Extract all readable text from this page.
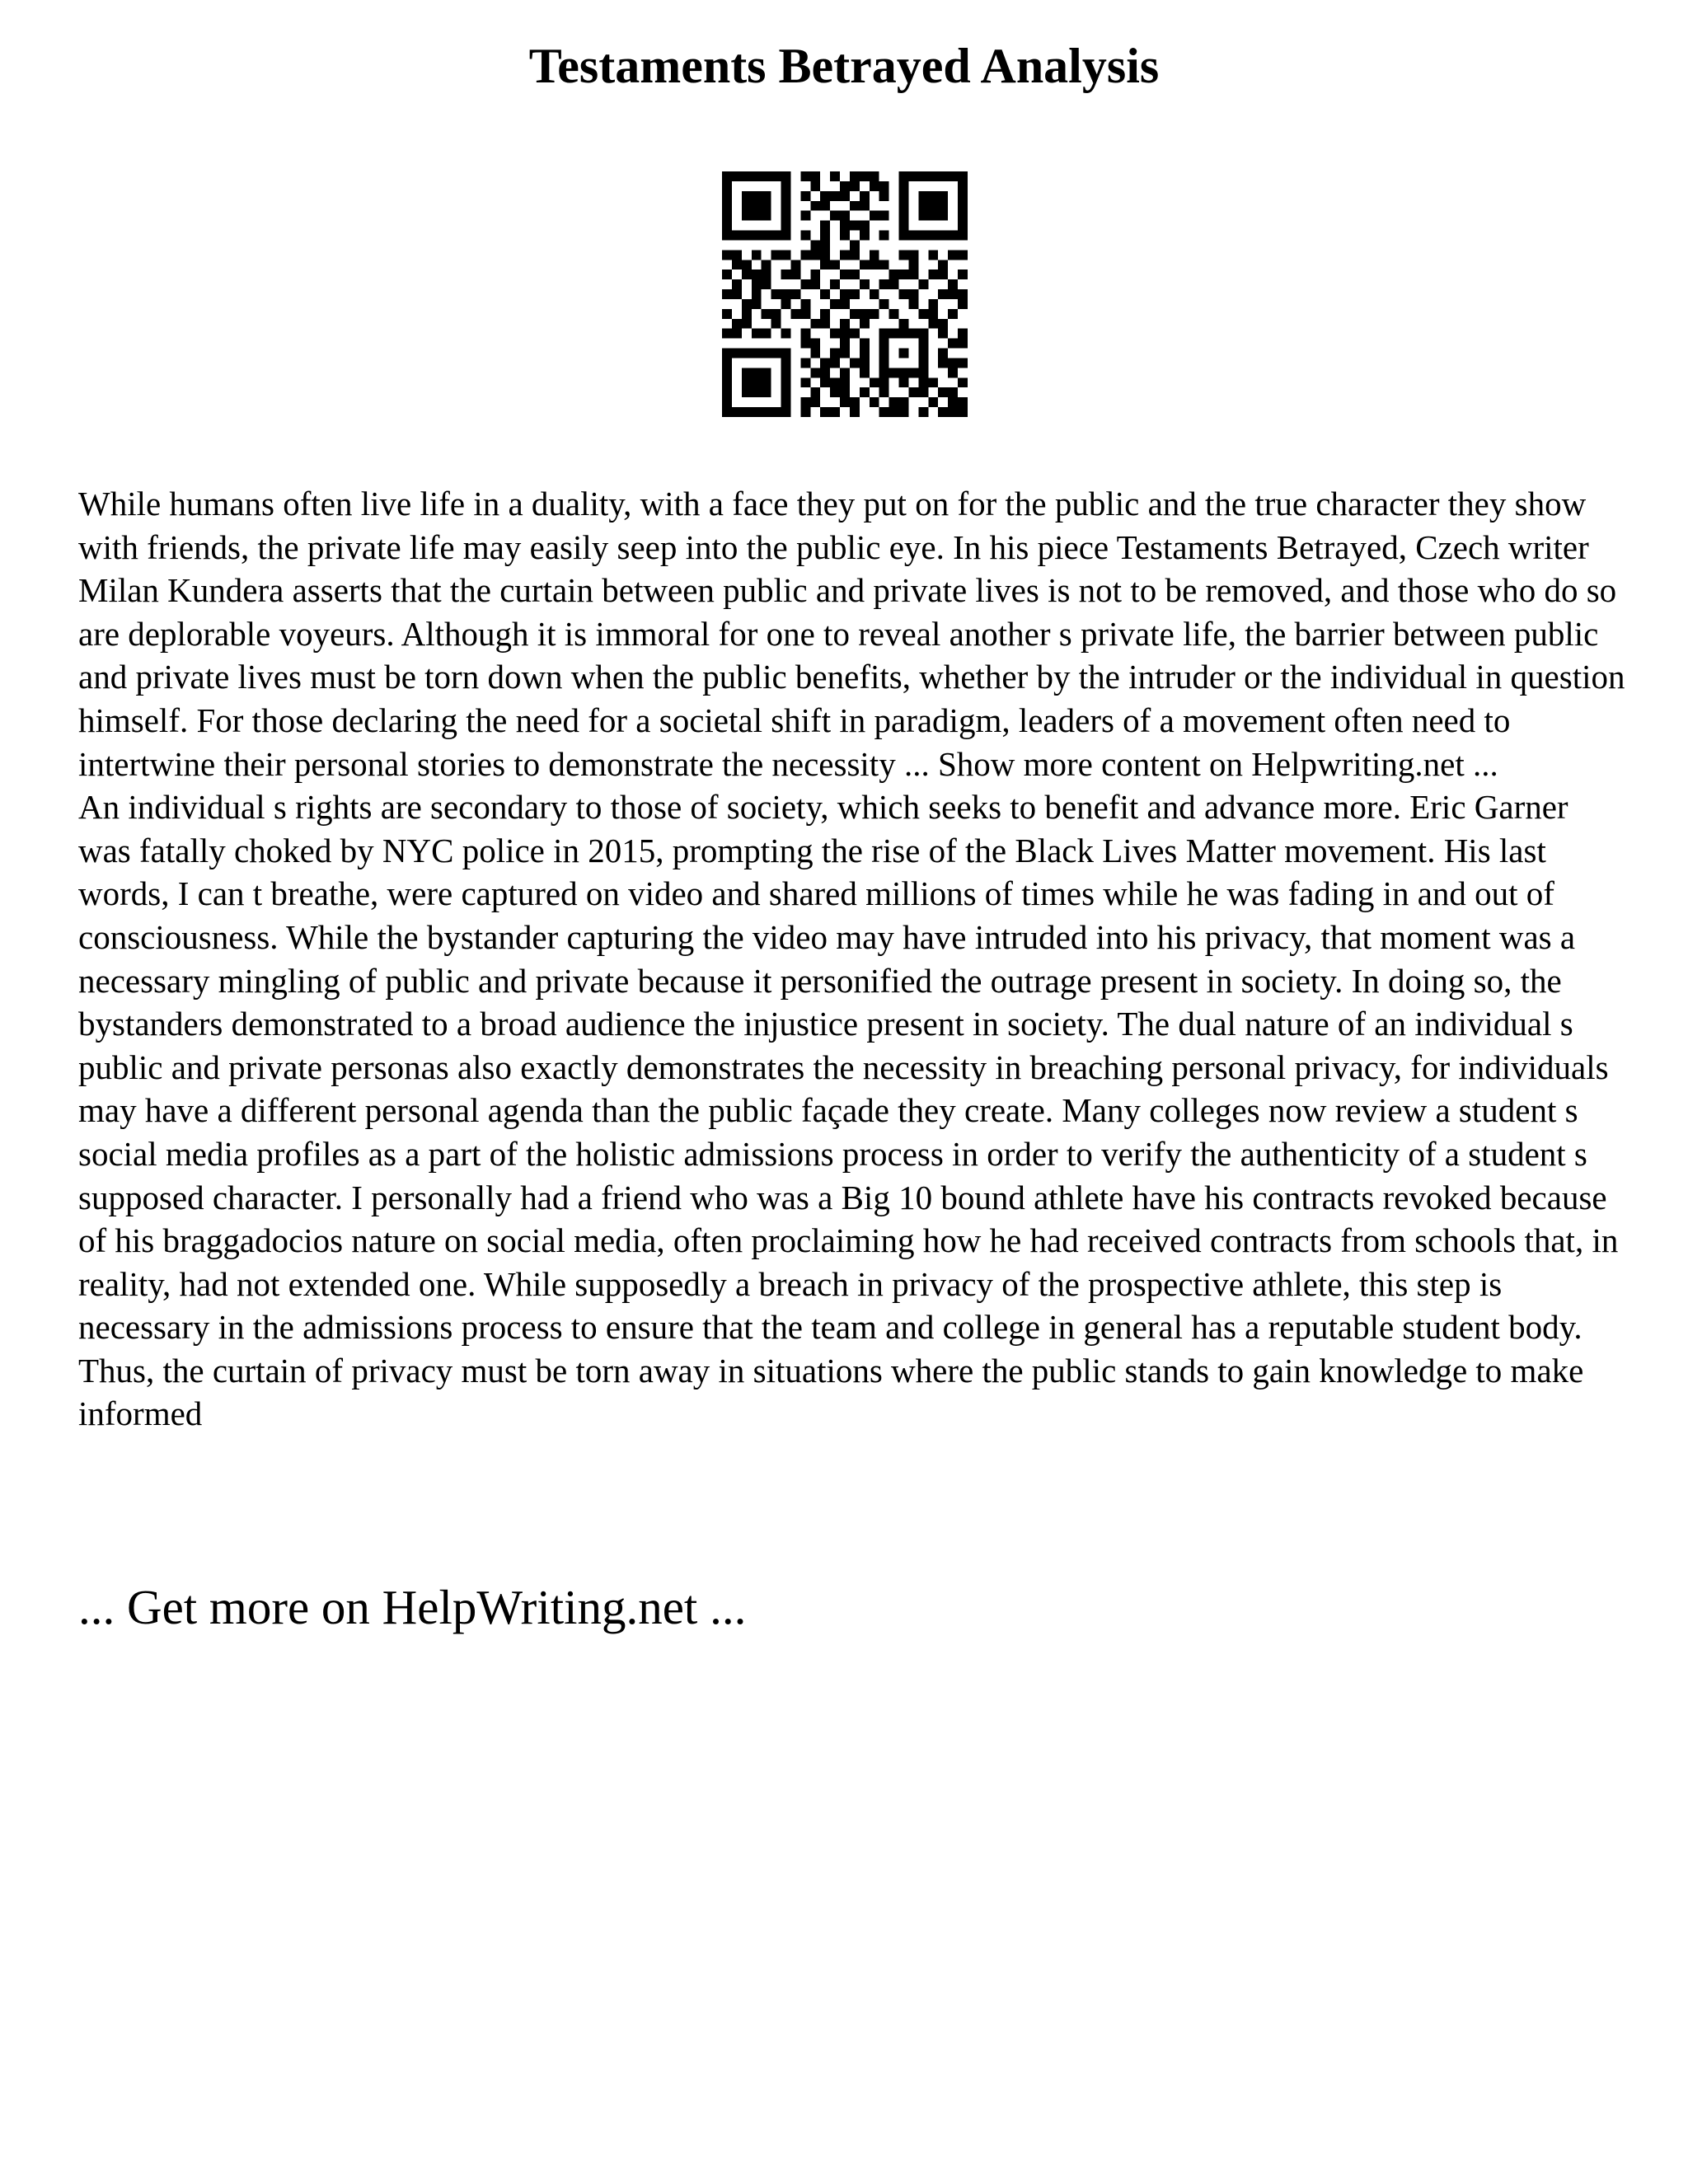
Testaments Betrayed Analysis

While humans often live life in a duality, with a face they put on for the public and the true character they show with friends, the private life may easily seep into the public eye. In his piece Testaments Betrayed, Czech writer Milan Kundera asserts that the curtain between public and private lives is not to be removed, and those who do so are deplorable voyeurs. Although it is immoral for one to reveal another s private life, the barrier between public and private lives must be torn down when the public benefits, whether by the intruder or the individual in question himself. For those declaring the need for a societal shift in paradigm, leaders of a movement often need to intertwine their personal stories to demonstrate the necessity ... Show more content on Helpwriting.net ...

An individual s rights are secondary to those of society, which seeks to benefit and advance more. Eric Garner was fatally choked by NYC police in 2015, prompting the rise of the Black Lives Matter movement. His last words, I can t breathe, were captured on video and shared millions of times while he was fading in and out of consciousness. While the bystander capturing the video may have intruded into his privacy, that moment was a necessary mingling of public and private because it personified the outrage present in society. In doing so, the bystanders demonstrated to a broad audience the injustice present in society. The dual nature of an individual s public and private personas also exactly demonstrates the necessity in breaching personal privacy, for individuals may have a different personal agenda than the public façade they create. Many colleges now review a student s social media profiles as a part of the holistic admissions process in order to verify the authenticity of a student s supposed character. I personally had a friend who was a Big 10 bound athlete have his contracts revoked because of his braggadocios nature on social media, often proclaiming how he had received contracts from schools that, in reality, had not extended one. While supposedly a breach in privacy of the prospective athlete, this step is necessary in the admissions process to ensure that the team and college in general has a reputable student body. Thus, the curtain of privacy must be torn away in situations where the public stands to gain knowledge to make informed

... Get more on HelpWriting.net ...
